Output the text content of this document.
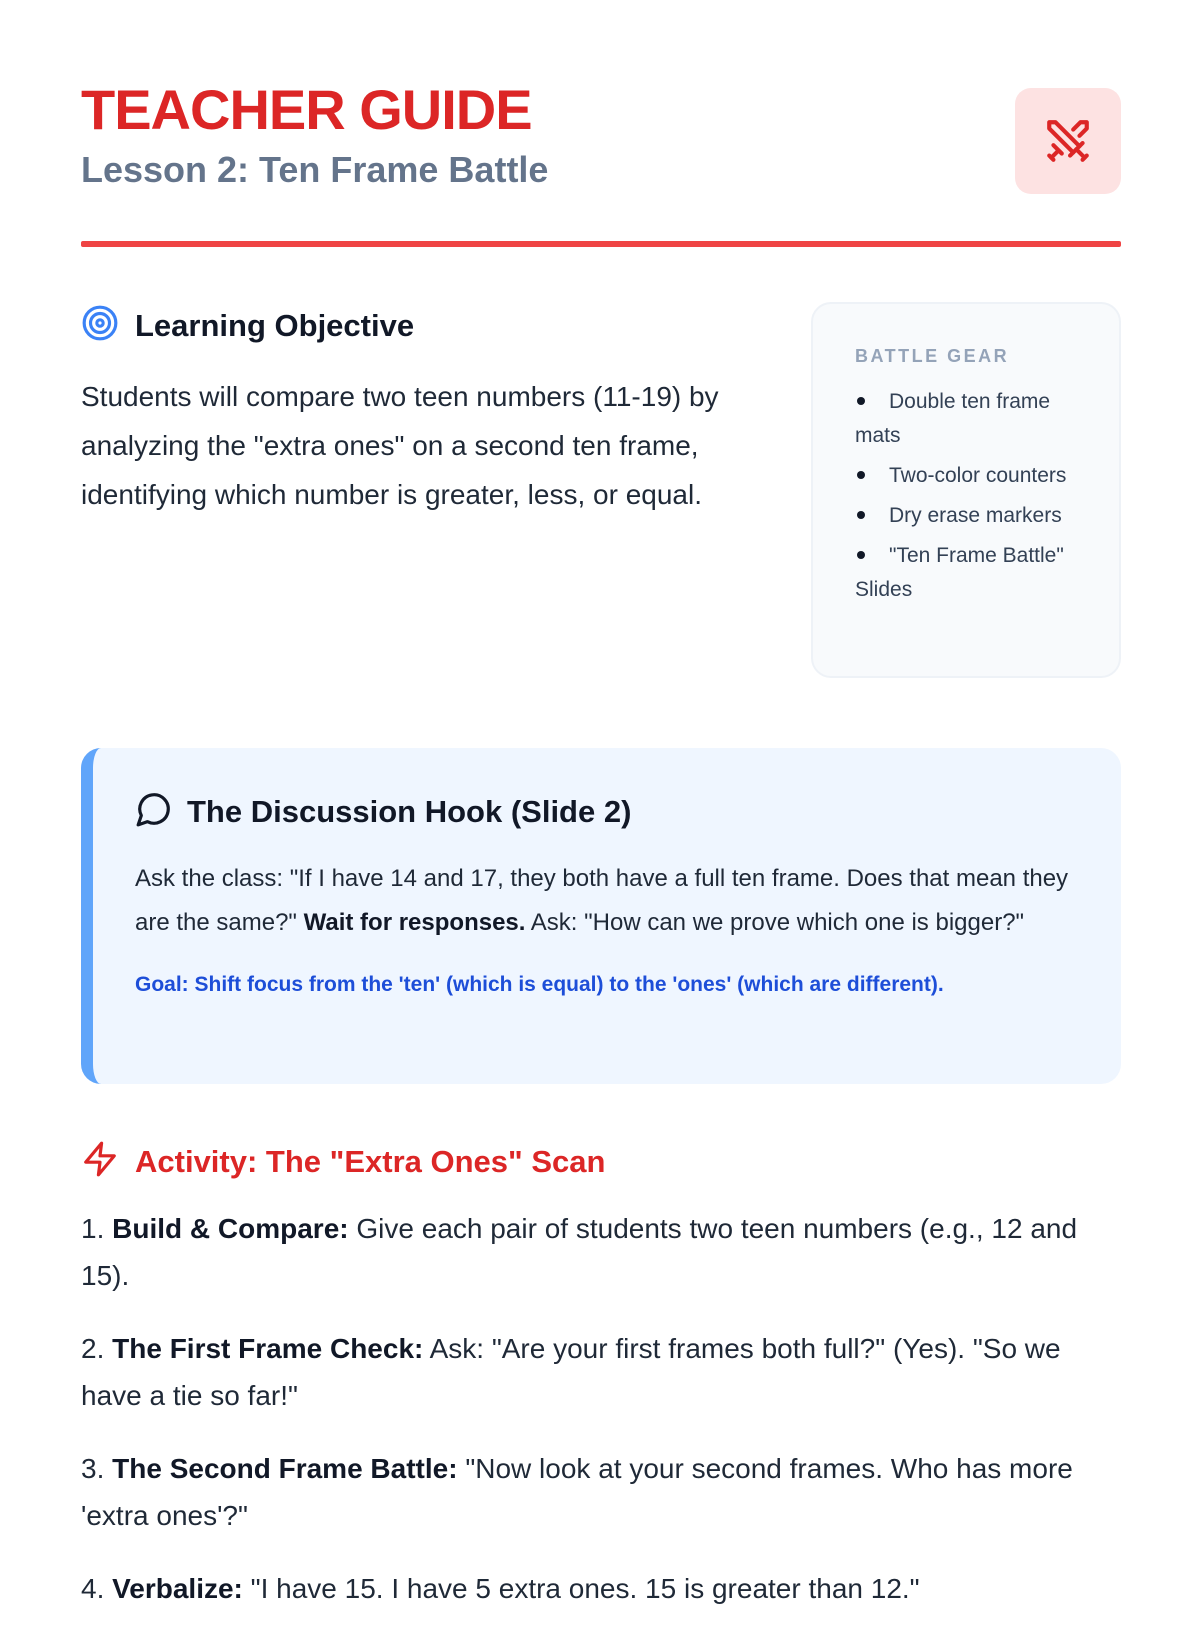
TEACHER GUIDE
Lesson 2: Ten Frame Battle
Learning Objective

Students will compare two teen numbers (11-19) by analyzing the "extra ones" on a second ten frame, identifying which number is greater, less, or equal.

BATTLE GEAR
Double ten frame mats
Two-color counters
Dry erase markers
"Ten Frame Battle" Slides
The Discussion Hook (Slide 2)

Ask the class: "If I have 14 and 17, they both have a full ten frame. Does that mean they are the same?" Wait for responses. Ask: "How can we prove which one is bigger?"

Goal: Shift focus from the 'ten' (which is equal) to the 'ones' (which are different).

Activity: The "Extra Ones" Scan

1. Build & Compare: Give each pair of students two teen numbers (e.g., 12 and 15).

2. The First Frame Check: Ask: "Are your first frames both full?" (Yes). "So we have a tie so far!"

3. The Second Frame Battle: "Now look at your second frames. Who has more 'extra ones'?"

4. Verbalize: "I have 15. I have 5 extra ones. 15 is greater than 12."
